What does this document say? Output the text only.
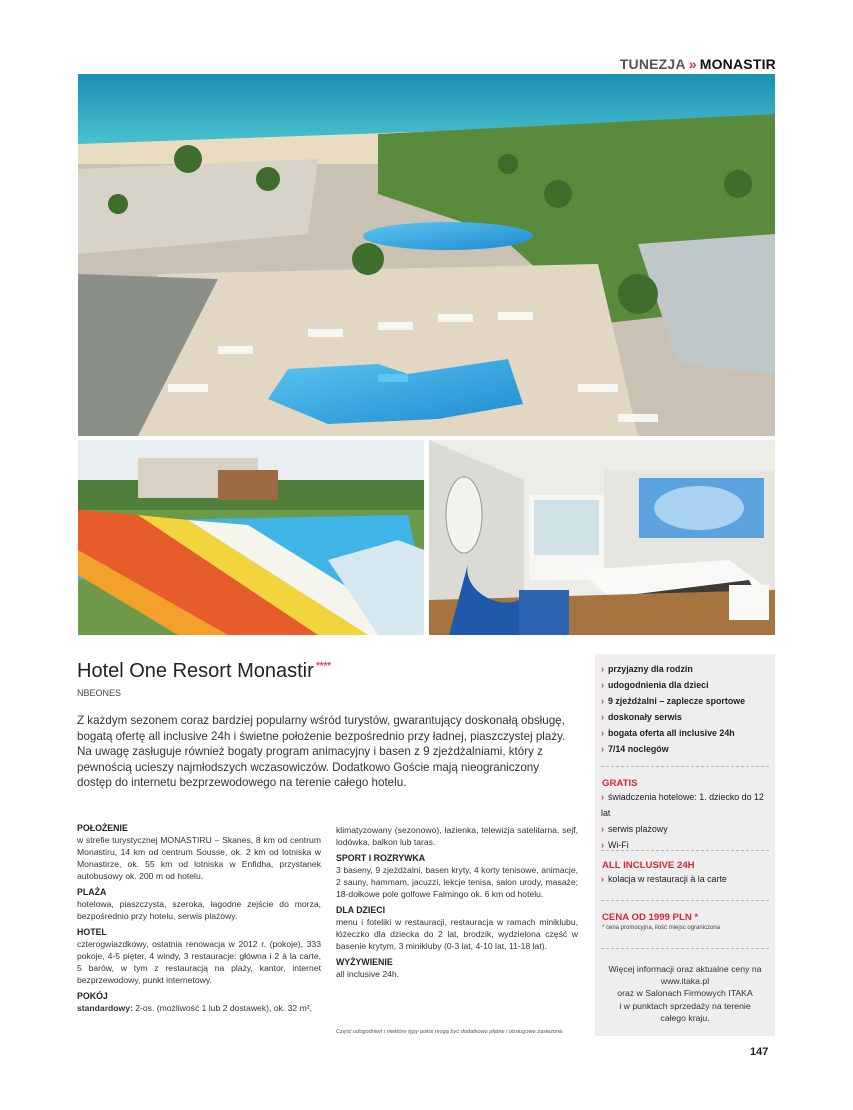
TUNEZJA » MONASTIR
Hotel One Resort Monastir ****
NBEONES
Z każdym sezonem coraz bardziej popularny wśród turystów, gwarantujący doskonałą obsługę, bogatą ofertę all inclusive 24h i świetne położenie bezpośrednio przy ładnej, piaszczystej plaży. Na uwagę zasługuje również bogaty program animacyjny i basen z 9 zjeżdżalniami, który z pewnością ucieszy najmłodszych wczasowiczów. Dodatkowo Goście mają nieograniczony dostęp do internetu bezprzewodowego na terenie całego hotelu.
POŁOŻENIE

w strefie turystycznej MONASTIRU – Skanes, 8 km od centrum Monastiru, 14 km od centrum Sousse, ok. 2 km od lotniska w Monastirze, ok. 55 km od lotniska w Enfidha, przystanek autobusowy ok. 200 m od hotelu.

PLAŻA

hotelowa, piaszczysta, szeroka, łagodne zejście do morza, bezpośrednio przy hotelu, serwis plażowy.

HOTEL

czterogwiazdkowy, ostatnia renowacja w 2012 r. (pokoje), 333 pokoje, 4-5 pięter, 4 windy, 3 restauracje: główna i 2 à la carte, 5 barów, w tym z restauracją na plaży, kantor, internet bezprzewodowy, punkt internetowy.

POKÓJ

standardowy: 2-os. (możliwość 1 lub 2 dostawek), ok. 32 m²,

klimatyzowany (sezonowo), łazienka, telewizja satelitarna, sejf, lodówka, balkon lub taras.

SPORT I ROZRYWKA

3 baseny, 9 zjeżdżalni, basen kryty, 4 korty tenisowe, animacje, 2 sauny, hammam, jacuzzi, lekcje tenisa, salon urody, masaże; 18-dołkowe pole golfowe Falmingo ok. 6 km od hotelu.

DLA DZIECI

menu i foteliki w restauracji, restauracja w ramach miniklubu, łóżeczko dla dziecka do 2 lat, brodzik, wydzielona część w basenie krytym, 3 minikluby (0-3 lat, 4-10 lat, 11-18 lat).

WYŻYWIENIE

all inclusive 24h.

Część udogodnień i niektóre typy pokoi mogą być dodatkowo płatne i obsługowe zasiezone.
› przyjazny dla rodzin
› udogodnienia dla dzieci
› 9 zjeżdżalni – zaplecze sportowe
› doskonały serwis
› bogata oferta all inclusive 24h
› 7/14 noclegów
GRATIS
› świadczenia hotelowe: 1. dziecko do 12 lat
› serwis plażowy
› Wi-Fi
ALL INCLUSIVE 24H
› kolacja w restauracji à la carte
CENA OD 1999 PLN *
* cena promocyjna, ilość miejsc ograniczona
Więcej informacji oraz aktualne ceny na
www.itaka.pl
oraz w Salonach Firmowych ITAKA
i w punktach sprzedaży na terenie
całego kraju.
147
